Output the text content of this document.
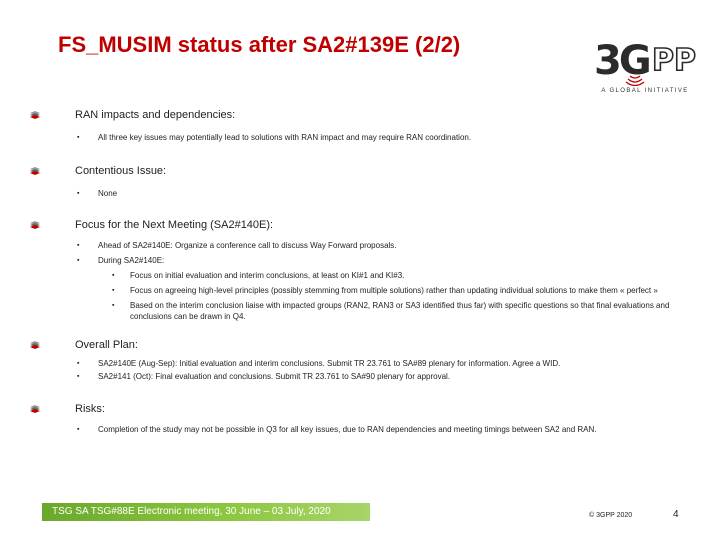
FS_MUSIM status after SA2#139E (2/2)	3G PP
A GLOBAL INITIATIVE
RAN impacts and dependencies:
▪ All three key issues may potentially lead to solutions with RAN impact and may require RAN coordination.
Contentious Issue:
▪ None
Focus for the Next Meeting (SA2#140E):
▪ Ahead of SA2#140E: Organize a conference call to discuss Way Forward proposals.
▪ During SA2#140E:
▪ Focus on initial evaluation and interim conclusions, at least on KI#1 and KI#3.
▪ Focus on agreeing high-level principles (possibly stemming from multiple solutions) rather than updating individual solutions to make them « perfect »
▪ Based on the interim conclusion liaise with impacted groups (RAN2, RAN3 or SA3 identified thus far) with specific questions so that final evaluations and conclusions can be drawn in Q4.
Overall Plan:
▪ SA2#140E (Aug-Sep): Initial evaluation and interim conclusions. Submit TR 23.761 to SA#89 plenary for information. Agree a WID.
▪ SA2#141 (Oct): Final evaluation and conclusions. Submit TR 23.761 to SA#90 plenary for approval.
Risks:
▪ Completion of the study may not be possible in Q3 for all key issues, due to RAN dependencies and meeting timings between SA2 and RAN.
TSG SA TSG#88E Electronic meeting, 30 June – 03 July, 2020	© 3GPP 2020	4
